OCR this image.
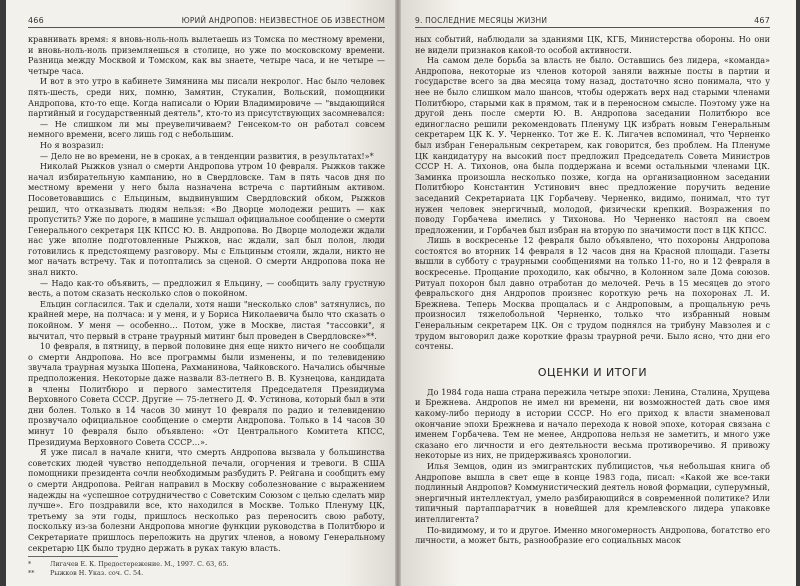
466	ЮРИЙ АНДРОПОВ: НЕИЗВЕСТНОЕ ОБ ИЗВЕСТНОМ

кравнивать время: я вновь-ноль-ноль вылетаешь из Томска по местному времени, и вновь-ноль-ноль приземляешься в столице, но уже по московскому времени. Разница между Москвой и Томском, как вы знаете, четыре часа, и не четыре — четыре часа.

И вот в это утро в кабинете Зимянина мы писали некролог. Нас было человек пять-шесть, среди них, помню, Замятин, Стукалин, Вольский, помощники Андропова, кто-то еще. Когда написали о Юрии Владимировиче — "выдающийся партийный и государственный деятель", кто-то из присутствующих засомневался:

— Не слишком ли мы преувеличиваем? Генсеком-то он работал совсем немного времени, всего лишь год с небольшим.

Но я возразил:

— Дело не во времени, не в сроках, а в тенденции развития, в результатах!»*

Николай Рыжков узнал о смерти Андропова утром 10 февраля. Рыжков также начал избирательную кампанию, но в Свердловске. Там в пять часов дня по местному времени у него была назначена встреча с партийным активом. Посоветовавшись с Ельциным, выдвинувшим Свердловский обком, Рыжков решил, что отказывать людям нельзя: «Во Дворце молодежи решить — как пропустить? Уже по дороге, в машине услышал официальное сообщение о смерти Генерального секретаря ЦК КПСС Ю. В. Андропова. Во Дворце молодежи ждали нас уже вполне подготовленные Рыжков, нас ждали, зал был полон, люди готовились к предстоящему разговору. Мы с Ельциным стояли, ждали, никто не мог начать встречу. Так и потоптались за сценой. О смерти Андропова пока не знал никто.

— Надо как-то объявить, — предложил я Ельцину, — сообщить залу грустную весть, а потом сказать несколько слов о покойном.

Ельцин согласился. Так и сделали, хотя наши "несколько слов" затянулись, по крайней мере, на полчаса: и у меня, и у Бориса Николаевича было что сказать о покойном. У меня — особенно… Потом, уже в Москве, листая "тассовки", я вычитал, что первый в стране траурный митинг был проведен в Свердловске»**.

10 февраля, в пятницу, в первой половине дня еще никто ничего не сообщали о смерти Андропова. Но все программы были изменены, и по телевидению звучала траурная музыка Шопена, Рахманинова, Чайковского. Начались обычные предположения. Некоторые даже назвали 83-летнего В. В. Кузнецова, кандидата в члены Политбюро и первого заместителя Председателя Президиума Верховного Совета СССР. Другие — 75-летнего Д. Ф. Устинова, который был в эти дни болен. Только в 14 часов 30 минут 10 февраля по радио и телевидению прозвучало официальное сообщение о смерти Андропова. Только в 14 часов 30 минут 10 февраля было объявлено: «От Центрального Комитета КПСС, Президиума Верховного Совета СССР…».

Я уже писал в начале книги, что смерть Андропова вызвала у большинства советских людей чувство неподдельной печали, огорчения и тревоги. В США помощники президента сочли необходимым разбудить Р. Рейгана и сообщить ему о смерти Андропова. Рейган направил в Москву соболезнование с выражением надежды на «успешное сотрудничество с Советским Союзом с целью сделать мир лучше». Его поздравили все, кто находился в Москве. Только Пленуму ЦК, третьему за эти годы, пришлось несколько раз переносить свою работу, поскольку из-за болезни Андропова многие функции руководства в Политбюро и Секретариате пришлось переложить на других членов, а новому Генеральному секретарю ЦК было трудно держать в руках такую власть.

*	Лигачев Е. К. Предостережение. М., 1997. С. 63, 65.
**	Рыжков Н. Указ. соч. С. 54.
9. ПОСЛЕДНИЕ МЕСЯЦЫ ЖИЗНИ	467

ных событий, наблюдали за зданиями ЦК, КГБ, Министерства обороны. Но они не видели признаков какой-то особой активности.

На самом деле борьба за власть не было. Оставшись без лидера, «команда» Андропова, некоторые из членов которой заняли важные посты в партии и государстве всего за два месяца тому назад, достаточно ясно понимала, что у нее не было слишком мало шансов, чтобы одержать верх над старыми членами Политбюро, старыми как в прямом, так и в переносном смысле. Поэтому уже на другой день после смерти Ю. В. Андропова заседании Политбюро все единогласно решили рекомендовать Пленуму ЦК избрать новым Генеральным секретарем ЦК К. У. Черненко. Тот же Е. К. Лигачев вспоминал, что Черненко был избран Генеральным секретарем, как говорится, без проблем. На Пленуме ЦК кандидатуру на высокий пост предложил Председатель Совета Министров СССР Н. А. Тихонов, она была поддержана и всеми остальными членами ЦК. Заминка произошла несколько позже, когда на организационном заседании Политбюро Константин Устинович внес предложение поручить ведение заседаний Секретариата ЦК Горбачеву. Черненко, видимо, понимал, что тут нужен человек энергичный, молодой, физически крепкий. Возражения по поводу Горбачева имелись у Тихонова. Но Черненко настоял на своем предложении, и Горбачев был избран на вторую по значимости пост в ЦК КПСС.

Лишь в воскресенье 12 февраля было объявлено, что похороны Андропова состоятся во вторник 14 февраля в 12 часов дня на Красной площади. Газеты вышли в субботу с траурными сообщениями на только 11-го, но и 12 февраля в воскресенье. Прощание проходило, как обычно, в Колонном зале Дома союзов. Ритуал похорон был давно отработан до мелочей. Речь в 15 месяцев до этого февральского дня Андропов произнес короткую речь на похоронах Л. И. Брежнева. Теперь Москва прощалась и с Андроповым, а прощальную речь произносил тяжелобольной Черненко, только что избранный новым Генеральным секретарем ЦК. Он с трудом поднялся на трибуну Мавзолея и с трудом выговорил даже короткие фразы траурной речи. Было ясно, что дни его сочтены.

ОЦЕНКИ И ИТОГИ

До 1984 года наша страна пережила четыре эпохи: Ленина, Сталина, Хрущева и Брежнева. Андропов не имел ни времени, ни возможностей дать свое имя какому-либо периоду в истории СССР. Но его приход к власти знаменовал окончание эпохи Брежнева и начало перехода к новой эпохе, которая связана с именем Горбачева. Тем не менее, Андропова нельзя не заметить, и много уже сказано его личности и его деятельности весьма противоречиво. Я привожу некоторые из них, не придерживаясь хронологии.

Илья Земцов, один из эмигрантских публицистов, чья небольшая книга об Андропове вышла в свет еще в конце 1983 года, писал: «Какой же все-таки подлинный Андропов? Коммунистический деятель новой формации, суперумный, энергичный интеллектуал, умело разбирающийся в современной политике? Или типичный партаппаратчик в новейшей для кремлевского лидера упаковке интеллигента?

По-видимому, и то и другое. Именно многомерность Андропова, богатство его личности, а может быть, разнообразие его социальных масок
